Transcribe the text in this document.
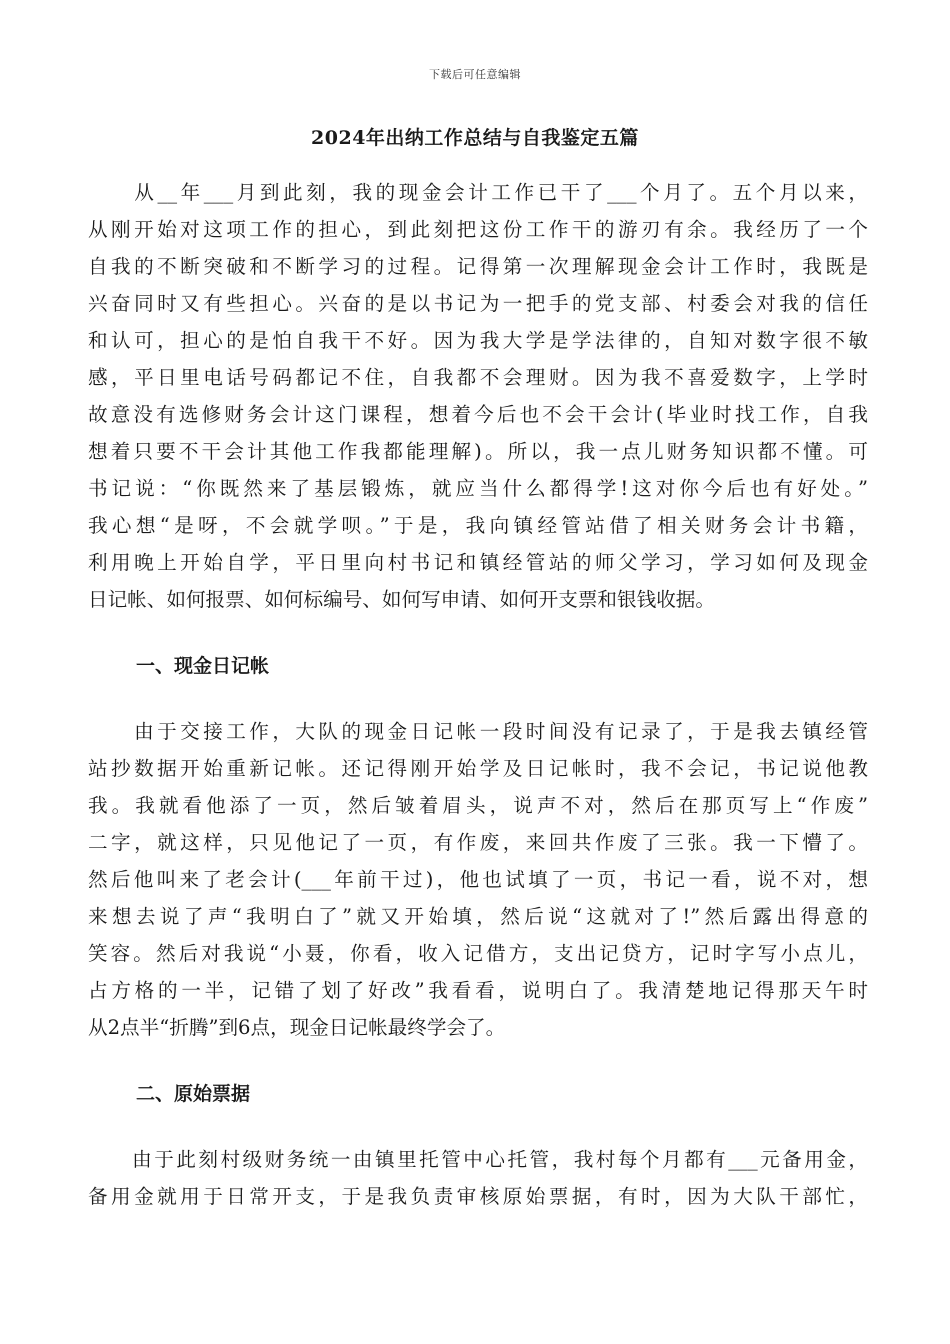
下载后可任意编辑
2024年出纳工作总结与自我鉴定五篇
　　从__年___月到此刻，我的现金会计工作已干了___个月了。五个月以来，
从刚开始对这项工作的担心，到此刻把这份工作干的游刃有余。我经历了一个
自我的不断突破和不断学习的过程。记得第一次理解现金会计工作时，我既是
兴奋同时又有些担心。兴奋的是以书记为一把手的党支部、村委会对我的信任
和认可，担心的是怕自我干不好。因为我大学是学法律的，自知对数字很不敏
感，平日里电话号码都记不住，自我都不会理财。因为我不喜爱数字，上学时
故意没有选修财务会计这门课程，想着今后也不会干会计(毕业时找工作，自我
想着只要不干会计其他工作我都能理解)。所以，我一点儿财务知识都不懂。可
书记说：“你既然来了基层锻炼，就应当什么都得学!这对你今后也有好处。”
我心想“是呀，不会就学呗。”于是，我向镇经管站借了相关财务会计书籍，
利用晚上开始自学，平日里向村书记和镇经管站的师父学习，学习如何及现金
日记帐、如何报票、如何标编号、如何写申请、如何开支票和银钱收据。
一、现金日记帐
　　由于交接工作，大队的现金日记帐一段时间没有记录了，于是我去镇经管
站抄数据开始重新记帐。还记得刚开始学及日记帐时，我不会记，书记说他教
我。我就看他添了一页，然后皱着眉头，说声不对，然后在那页写上“作废”
二字，就这样，只见他记了一页，有作废，来回共作废了三张。我一下懵了。
然后他叫来了老会计(___年前干过)，他也试填了一页，书记一看，说不对，想
来想去说了声“我明白了”就又开始填，然后说“这就对了!”然后露出得意的
笑容。然后对我说“小聂，你看，收入记借方，支出记贷方，记时字写小点儿，
占方格的一半，记错了划了好改”我看看，说明白了。我清楚地记得那天午时
从2点半“折腾”到6点，现金日记帐最终学会了。
二、原始票据
　　由于此刻村级财务统一由镇里托管中心托管，我村每个月都有___元备用金，
备用金就用于日常开支，于是我负责审核原始票据，有时，因为大队干部忙，
